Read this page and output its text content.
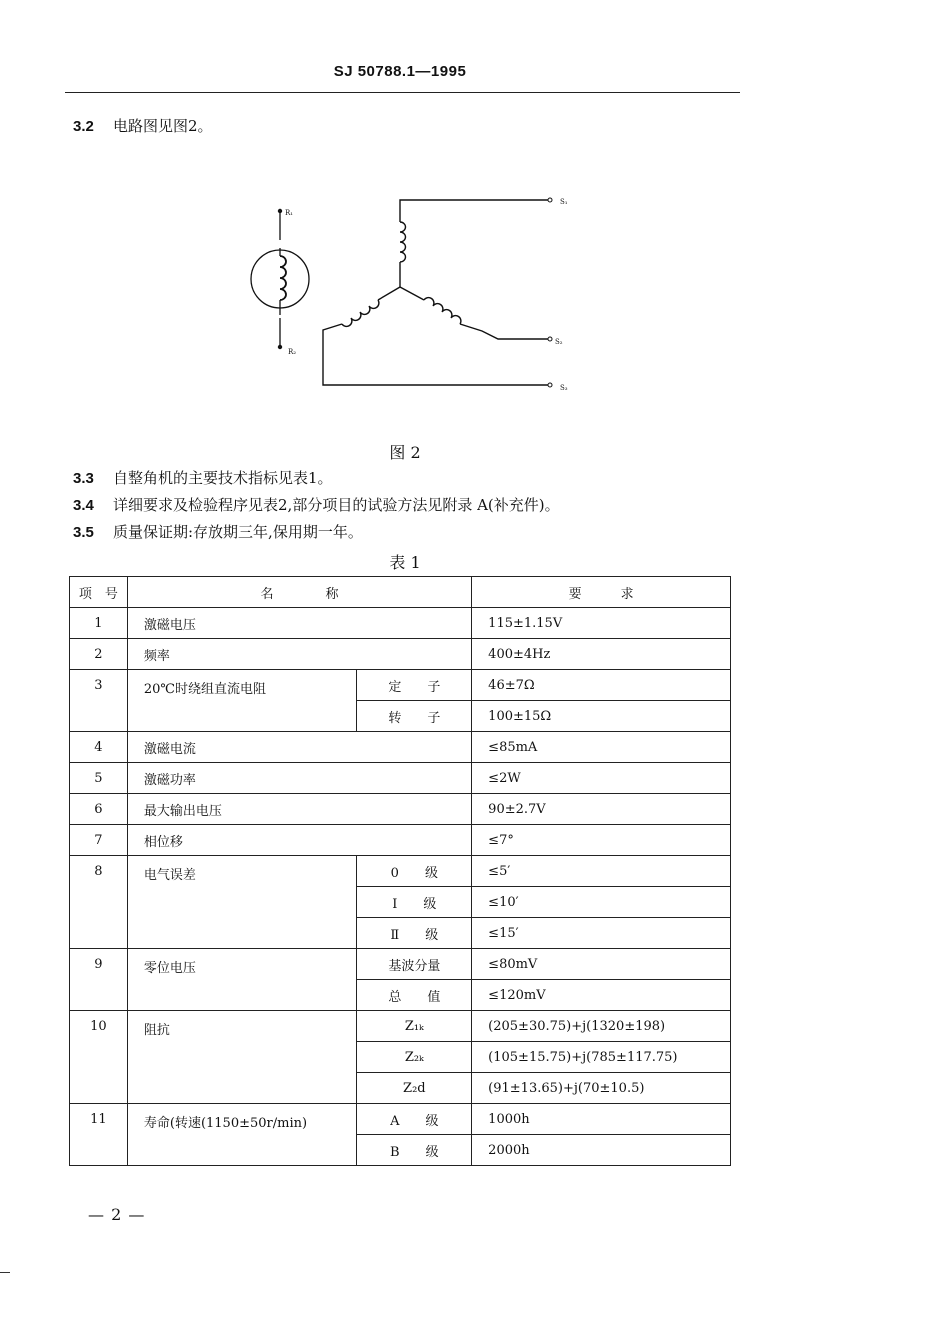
SJ 50788.1—1995
3.2 电路图见图2。
R₁
R₂
S₁
S₂
S₃
图 2
3.3 自整角机的主要技术指标见表1。
3.4 详细要求及检验程序见表2,部分项目的试验方法见附录 A(补充件)。
3.5 质量保证期:存放期三年,保用期一年。
表 1
项　号	名　　　　称		要　　　求
1	激磁电压		115±1.15V
2	频率		400±4Hz
3	20℃时绕组直流电阻	定　　子	46±7Ω
		转　　子	100±15Ω
4	激磁电流		≤85mA
5	激磁功率		≤2W
6	最大输出电压		90±2.7V
7	相位移		≤7°
8	电气误差	0　　级	≤5′
		Ⅰ　　级	≤10′
		Ⅱ　　级	≤15′
9	零位电压	基波分量	≤80mV
		总　　值	≤120mV
10	阻抗	Z₁ₖ	(205±30.75)+j(1320±198)
		Z₂ₖ	(105±15.75)+j(785±117.75)
		Z₂d	(91±13.65)+j(70±10.5)
11	寿命(转速(1150±50r/min)	A　　级	1000h
		B　　级	2000h
— 2 —
